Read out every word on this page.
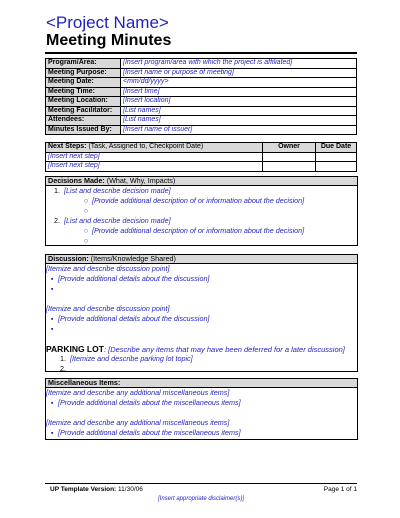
<Project Name>
Meeting Minutes
Program/Area:	[Insert program/area with which the project is affiliated]
Meeting Purpose:	[Insert name or purpose of meeting]
Meeting Date:	<mm/dd/yyyy>
Meeting Time:	[Insert time]
Meeting Location:	[Insert location]
Meeting Facilitator:	[List names]
Attendees:	[List names]
Minutes Issued By:	[Insert name of issuer]
Next Steps: (Task, Assigned to, Checkpoint Date)	Owner	Due Date
[Insert next step]		
[Insert next step]		
Decisions Made: (What, Why, Impacts)
1. [List and describe decision made]
○ [Provide additional description of or information about the decision]
○
2. [List and describe decision made]
○ [Provide additional description of or information about the decision]
○
Discussion: (Items/Knowledge Shared)
[Itemize and describe discussion point]
▪ [Provide additional details about the discussion]
▪
[Itemize and describe discussion point]
▪ [Provide additional details about the discussion]
▪
PARKING LOT: [Describe any items that may have been deferred for a later discussion]
1. [Itemize and describe parking lot topic]
2.
Miscellaneous Items:
[Itemize and describe any additional miscellaneous items]
▪ [Provide additional details about the miscellaneous items]
[Itemize and describe any additional miscellaneous items]
▪ [Provide additional details about the miscellaneous items]
UP Template Version: 11/30/06	Page 1 of 1
[Insert appropriate disclaimer(s)]
